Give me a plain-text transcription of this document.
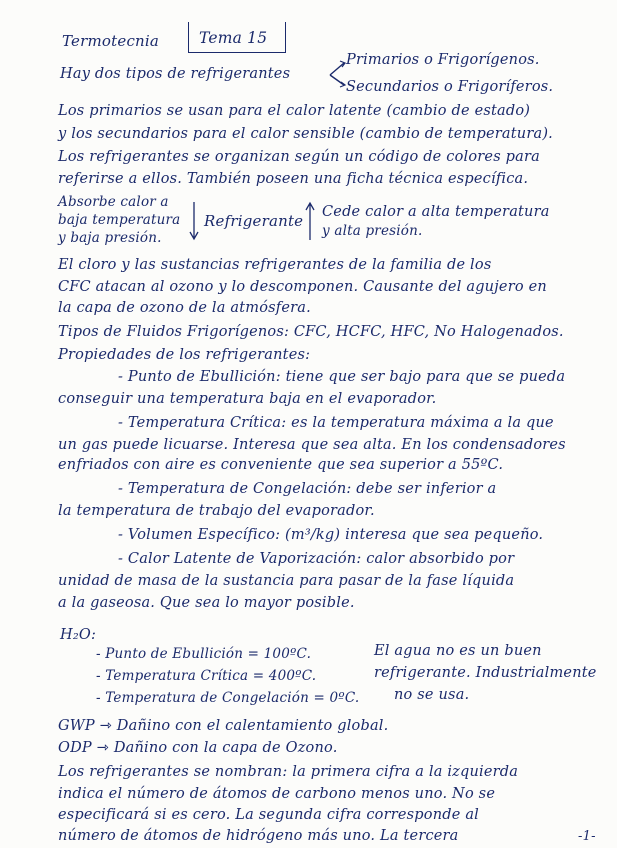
Termotecnia	Tema 15
Hay dos tipos de refrigerantes
Primarios o Frigorígenos.
Secundarios o Frigoríferos.
Los primarios se usan para el calor latente (cambio de estado)
y los secundarios para el calor sensible (cambio de temperatura).
Los refrigerantes se organizan según un código de colores para
referirse a ellos. También poseen una ficha técnica específica.
Absorbe calor a
baja temperatura
y baja presión.
Refrigerante Cede calor a alta temperatura
y alta presión.
El cloro y las sustancias refrigerantes de la familia de los
CFC atacan al ozono y lo descomponen. Causante del agujero en
la capa de ozono de la atmósfera.
Tipos de Fluidos Frigorígenos: CFC, HCFC, HFC, No Halogenados.
Propiedades de los refrigerantes:
- Punto de Ebullición: tiene que ser bajo para que se pueda
conseguir una temperatura baja en el evaporador.
- Temperatura Crítica: es la temperatura máxima a la que
un gas puede licuarse. Interesa que sea alta. En los condensadores
enfriados con aire es conveniente que sea superior a 55ºC.
- Temperatura de Congelación: debe ser inferior a
la temperatura de trabajo del evaporador.
- Volumen Específico: (m³/kg) interesa que sea pequeño.
- Calor Latente de Vaporización: calor absorbido por
unidad de masa de la sustancia para pasar de la fase líquida
a la gaseosa. Que sea lo mayor posible.
H₂O:
- Punto de Ebullición = 100ºC.
- Temperatura Crítica = 400ºC.
- Temperatura de Congelación = 0ºC.
El agua no es un buen
refrigerante. Industrialmente
no se usa.
GWP ⇾ Dañino con el calentamiento global.
ODP ⇾ Dañino con la capa de Ozono.
Los refrigerantes se nombran: la primera cifra a la izquierda
indica el número de átomos de carbono menos uno. No se
especificará si es cero. La segunda cifra corresponde al
número de átomos de hidrógeno más uno. La tercera	-1-
